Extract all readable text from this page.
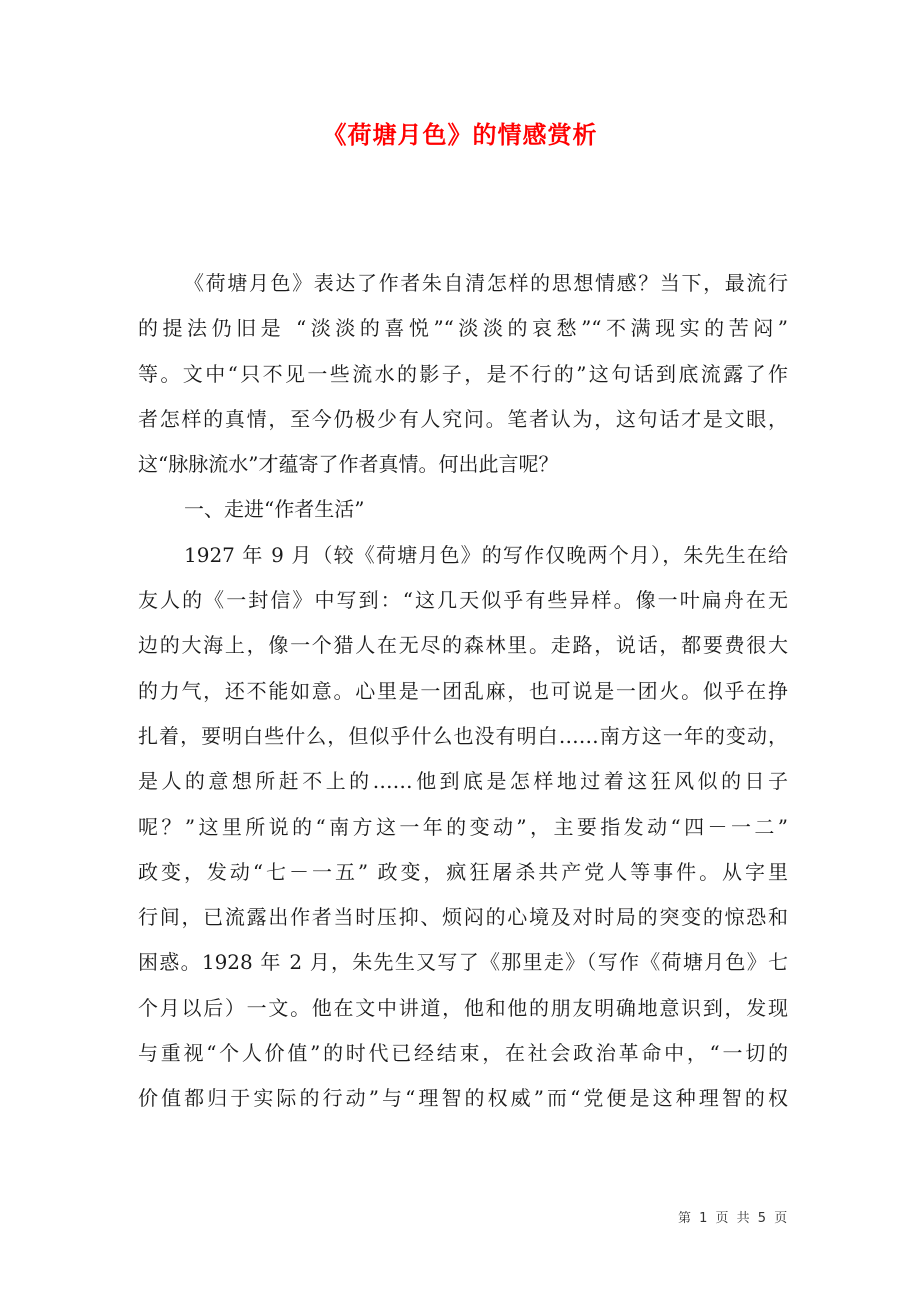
《荷塘月色》的情感赏析
《荷塘月色》表达了作者朱自清怎样的思想情感？当下，最流行
的提法仍旧是 “淡淡的喜悦”“淡淡的哀愁”“不满现实的苦闷”
等。文中“只不见一些流水的影子，是不行的”这句话到底流露了作
者怎样的真情，至今仍极少有人究问。笔者认为，这句话才是文眼，
这“脉脉流水”才蕴寄了作者真情。何出此言呢？
一、走进“作者生活”
1927 年 9 月（较《荷塘月色》的写作仅晚两个月），朱先生在给
友人的《一封信》中写到：“这几天似乎有些异样。像一叶扁舟在无
边的大海上，像一个猎人在无尽的森林里。走路，说话，都要费很大
的力气，还不能如意。心里是一团乱麻，也可说是一团火。似乎在挣
扎着，要明白些什么，但似乎什么也没有明白……南方这一年的变动，
是人的意想所赶不上的……他到底是怎样地过着这狂风似的日子
呢？”这里所说的“南方这一年的变动”，主要指发动“四－一二”
政变，发动“七－一五” 政变，疯狂屠杀共产党人等事件。从字里
行间，已流露出作者当时压抑、烦闷的心境及对时局的突变的惊恐和
困惑。1928 年 2 月，朱先生又写了《那里走》（写作《荷塘月色》七
个月以后）一文。他在文中讲道，他和他的朋友明确地意识到，发现
与重视“个人价值”的时代已经结束，在社会政治革命中，“一切的
价值都归于实际的行动”与“理智的权威”而“党便是这种理智的权
第 1 页 共 5 页
